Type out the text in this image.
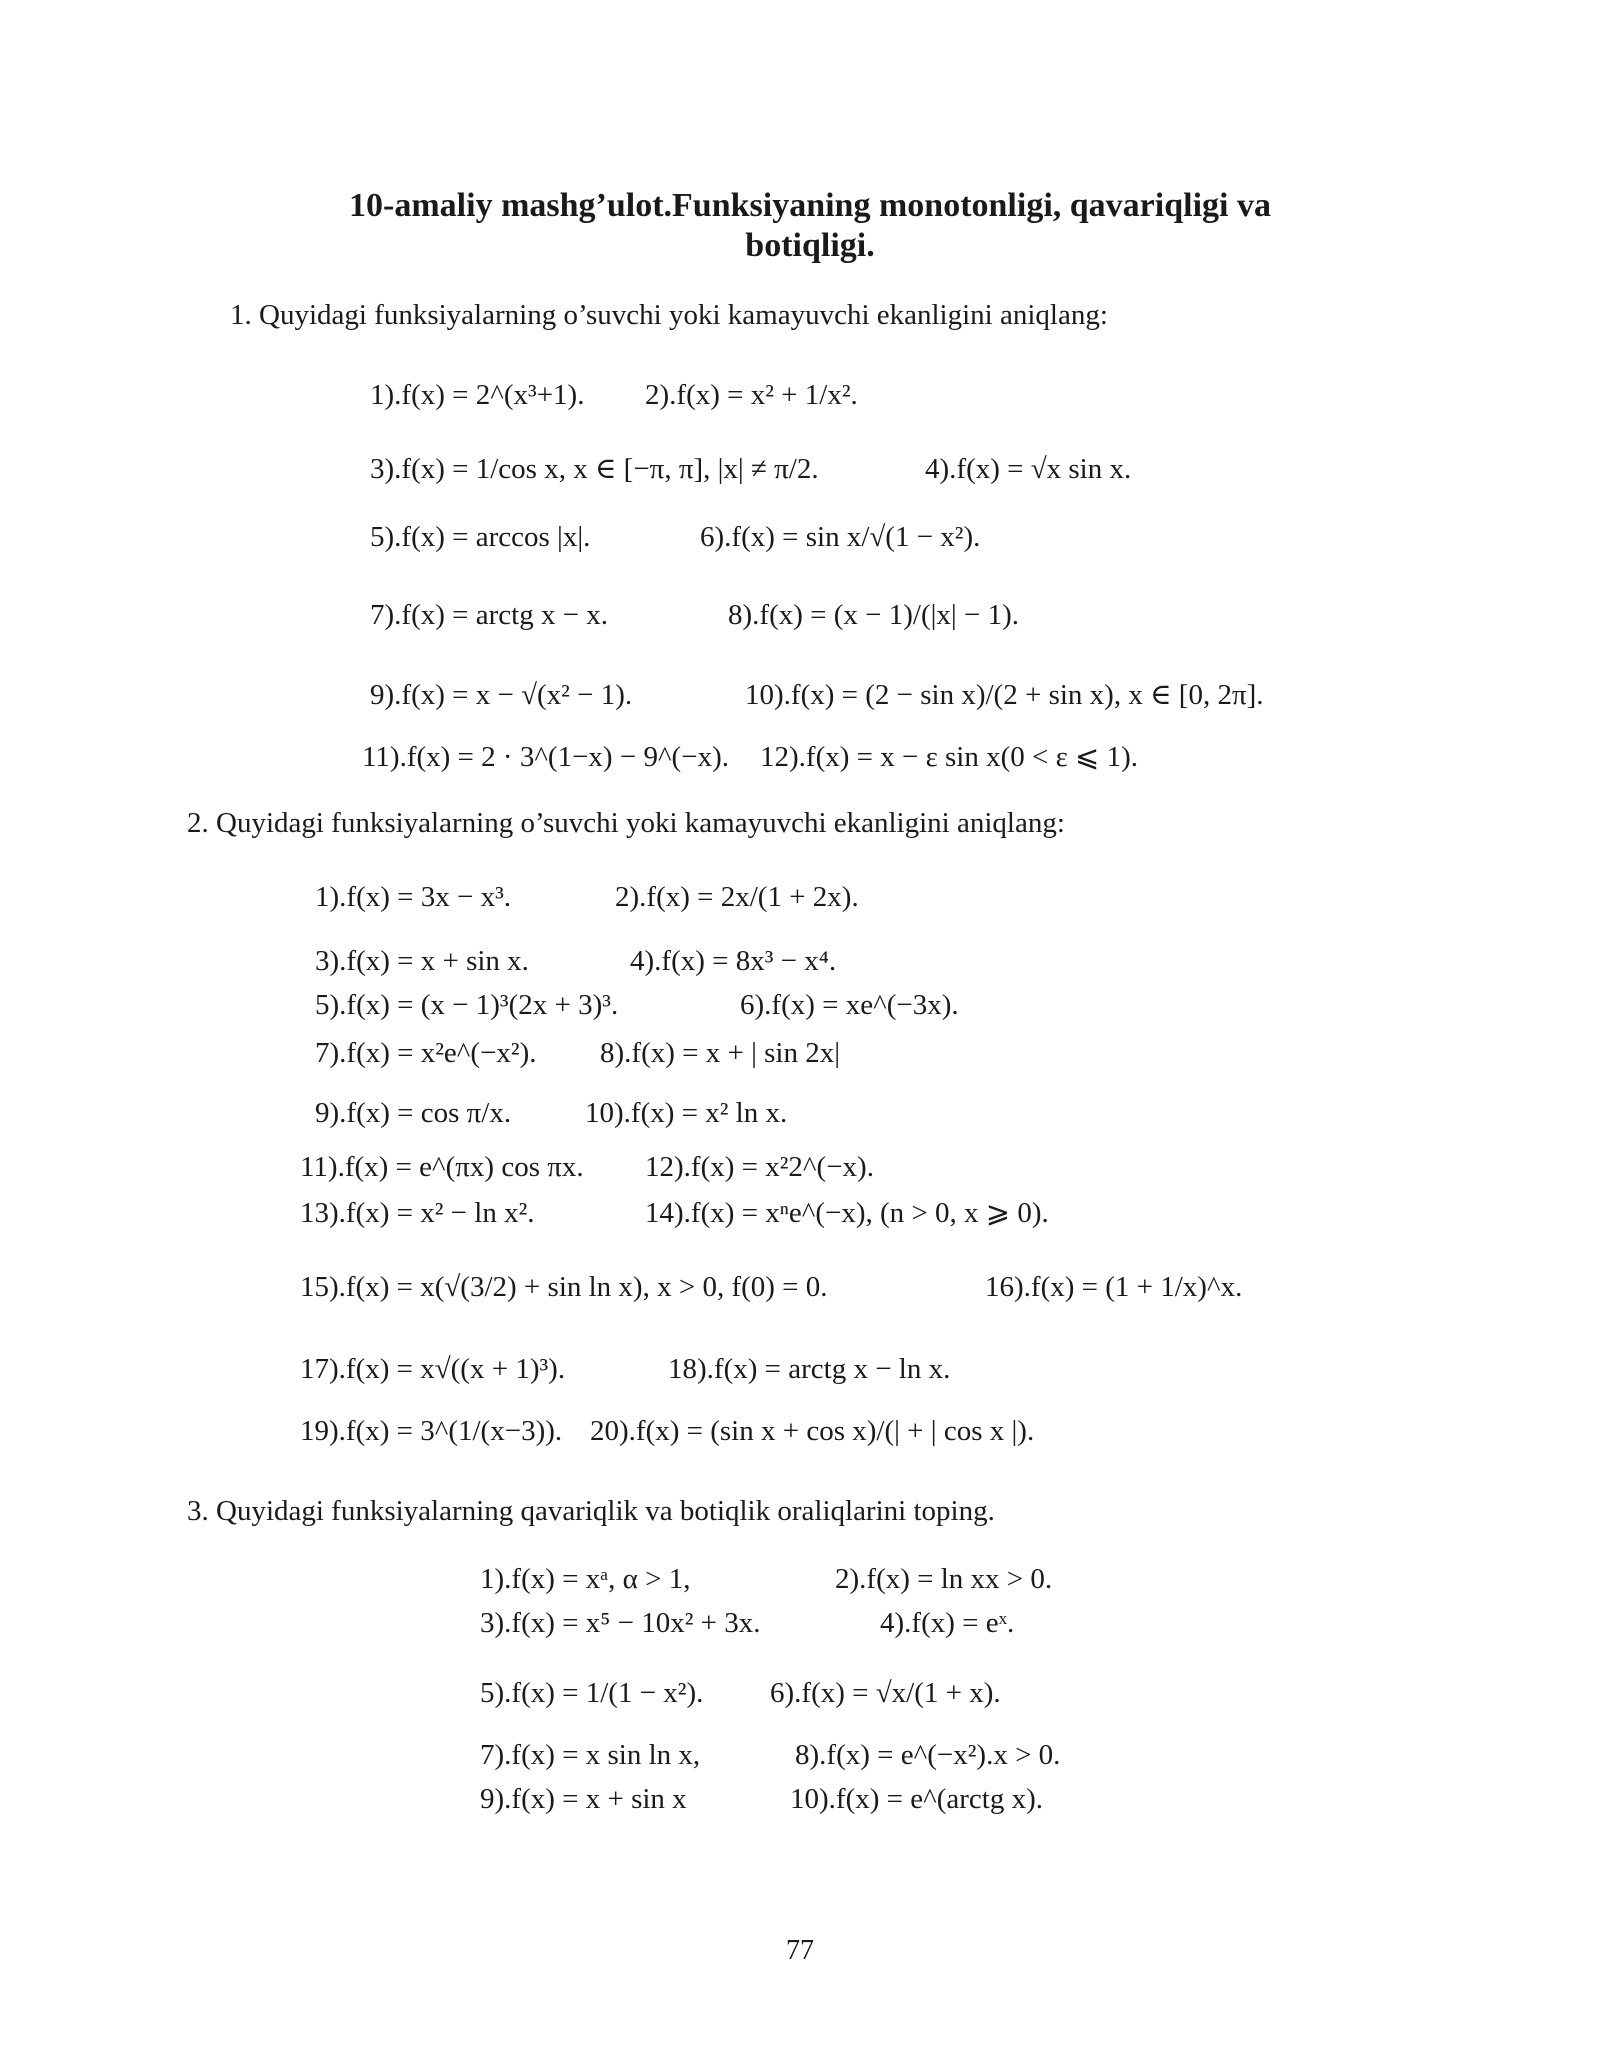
10-amaliy mashg’ulot.Funksiyaning monotonligi, qavariqligi va
botiqligi.
1. Quyidagi funksiyalarning o’suvchi yoki kamayuvchi ekanligini aniqlang:
1).f(x) = 2^(x³+1). 2).f(x) = x² + 1/x².
3).f(x) = 1/cos x, x ∈ [−π, π], |x| ≠ π/2.	4).f(x) = √x sin x.
5).f(x) = arccos |x|.	6).f(x) = sin x/√(1 − x²).
7).f(x) = arctg x − x.	8).f(x) = (x − 1)/(|x| − 1).
9).f(x) = x − √(x² − 1).	10).f(x) = (2 − sin x)/(2 + sin x), x ∈ [0, 2π].
11).f(x) = 2 · 3^(1−x) − 9^(−x). 12).f(x) = x − ε sin x(0 < ε ⩽ 1).
2. Quyidagi funksiyalarning o’suvchi yoki kamayuvchi ekanligini aniqlang:
1).f(x) = 3x − x³.	2).f(x) = 2x/(1 + 2x).
3).f(x) = x + sin x.	4).f(x) = 8x³ − x⁴.
5).f(x) = (x − 1)³(2x + 3)³.	6).f(x) = xe^(−3x).
7).f(x) = x²e^(−x²). 8).f(x) = x + | sin 2x|
9).f(x) = cos π/x.	10).f(x) = x² ln x.
11).f(x) = e^(πx) cos πx. 12).f(x) = x²2^(−x).
13).f(x) = x² − ln x².	14).f(x) = xⁿe^(−x), (n > 0, x ⩾ 0).
15).f(x) = x(√(3/2) + sin ln x), x > 0, f(0) = 0.	16).f(x) = (1 + 1/x)^x.
17).f(x) = x√((x + 1)³).	18).f(x) = arctg x − ln x.
19).f(x) = 3^(1/(x−3)). 20).f(x) = (sin x + cos x)/(| + | cos x |).
3. Quyidagi funksiyalarning qavariqlik va botiqlik oraliqlarini toping.
1).f(x) = xᵃ, α > 1,	2).f(x) = ln xx > 0.
3).f(x) = x⁵ − 10x² + 3x.	4).f(x) = eˣ.
5).f(x) = 1/(1 − x²). 6).f(x) = √x/(1 + x).
7).f(x) = x sin ln x,	8).f(x) = e^(−x²).x > 0.
9).f(x) = x + sin x	10).f(x) = e^(arctg x).
77
